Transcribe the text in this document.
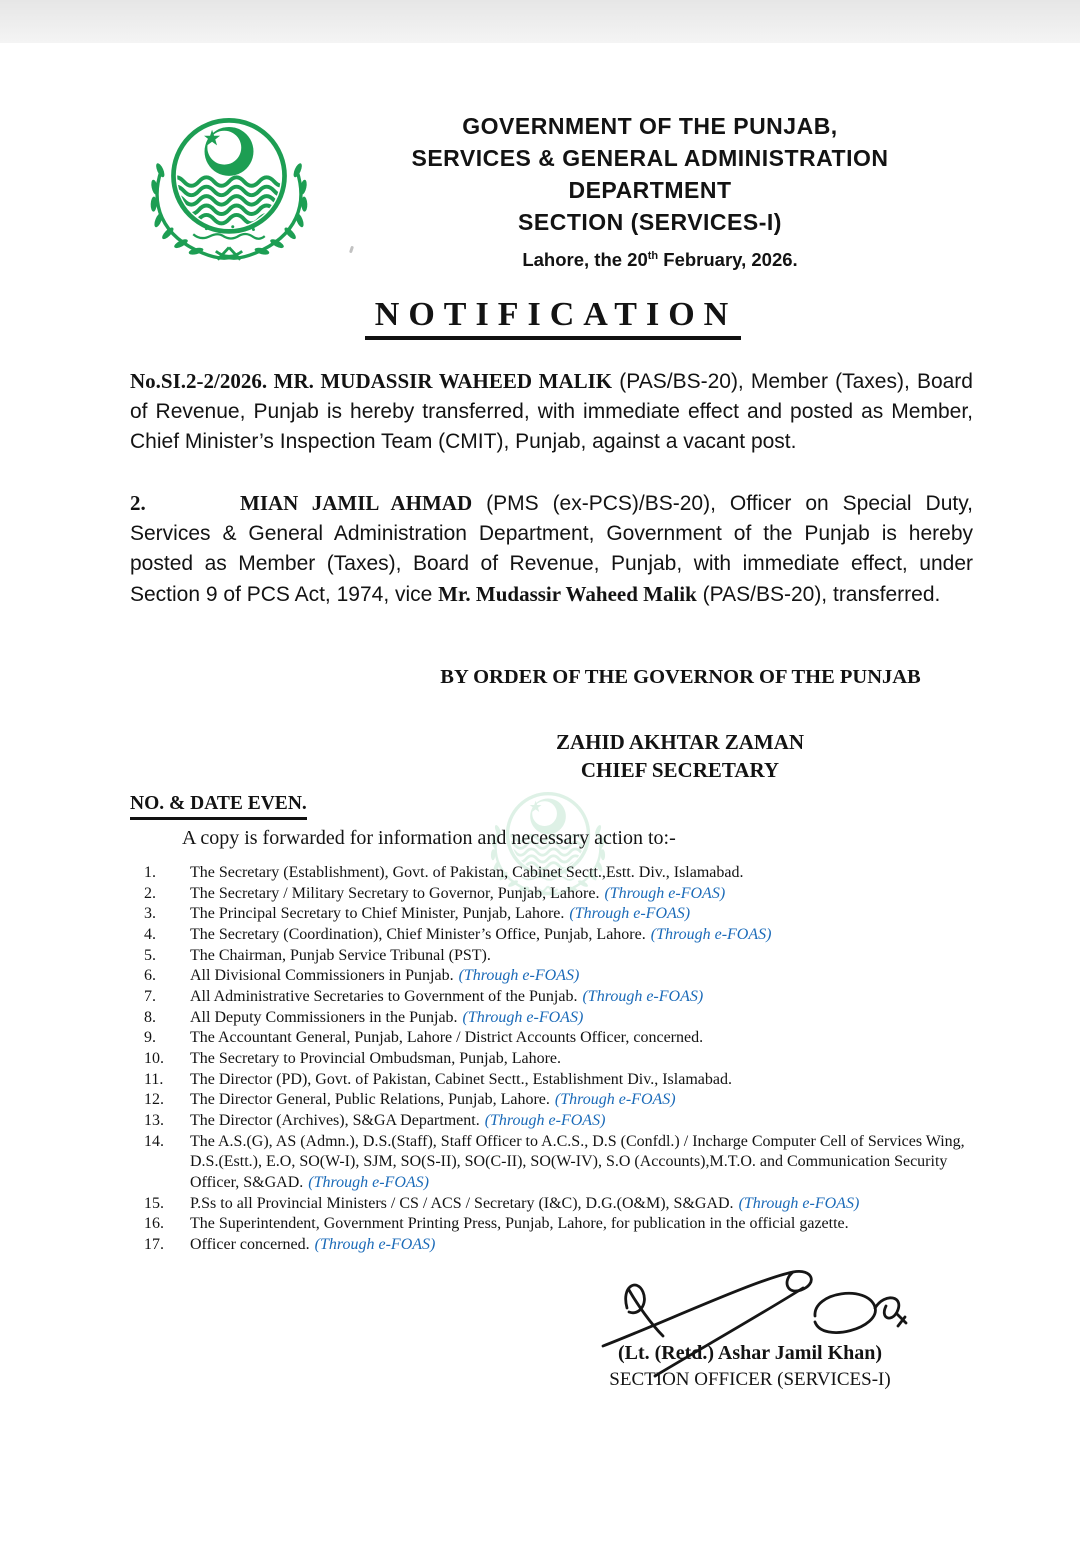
GOVERNMENT OF THE PUNJAB,
SERVICES & GENERAL ADMINISTRATION
DEPARTMENT
SECTION (SERVICES-I)
Lahore, the 20th February, 2026.
NOTIFICATION

No.SI.2-2/2026. MR. MUDASSIR WAHEED MALIK (PAS/BS-20), Member (Taxes), Board of Revenue, Punjab is hereby transferred, with immediate effect and posted as Member, Chief Minister’s Inspection Team (CMIT), Punjab, against a vacant post.

2.	MIAN JAMIL AHMAD (PMS (ex-PCS)/BS-20), Officer on Special Duty, Services & General Administration Department, Government of the Punjab is hereby posted as Member (Taxes), Board of Revenue, Punjab, with immediate effect, under Section 9 of PCS Act, 1974, vice Mr. Mudassir Waheed Malik (PAS/BS-20), transferred.

BY ORDER OF THE GOVERNOR OF THE PUNJAB

ZAHID AKHTAR ZAMAN
CHIEF SECRETARY
NO. & DATE EVEN.
A copy is forwarded for information and necessary action to:-
1.	The Secretary (Establishment), Govt. of Pakistan, Cabinet Sectt.,Estt. Div., Islamabad.
2.	The Secretary / Military Secretary to Governor, Punjab, Lahore. (Through e-FOAS)
3.	The Principal Secretary to Chief Minister, Punjab, Lahore. (Through e-FOAS)
4.	The Secretary (Coordination), Chief Minister’s Office, Punjab, Lahore. (Through e-FOAS)
5.	The Chairman, Punjab Service Tribunal (PST).
6.	All Divisional Commissioners in Punjab. (Through e-FOAS)
7.	All Administrative Secretaries to Government of the Punjab. (Through e-FOAS)
8.	All Deputy Commissioners in the Punjab. (Through e-FOAS)
9.	The Accountant General, Punjab, Lahore / District Accounts Officer, concerned.
10.	The Secretary to Provincial Ombudsman, Punjab, Lahore.
11.	The Director (PD), Govt. of Pakistan, Cabinet Sectt., Establishment Div., Islamabad.
12.	The Director General, Public Relations, Punjab, Lahore. (Through e-FOAS)
13.	The Director (Archives), S&GA Department. (Through e-FOAS)
14.	The A.S.(G), AS (Admn.), D.S.(Staff), Staff Officer to A.C.S., D.S (Confdl.) / Incharge Computer Cell of Services Wing, D.S.(Estt.), E.O, SO(W-I), SJM, SO(S-II), SO(C-II), SO(W-IV), S.O (Accounts),M.T.O. and Communication Security Officer, S&GAD. (Through e-FOAS)
15.	P.Ss to all Provincial Ministers / CS / ACS / Secretary (I&C), D.G.(O&M), S&GAD. (Through e-FOAS)
16.	The Superintendent, Government Printing Press, Punjab, Lahore, for publication in the official gazette.
17.	Officer concerned. (Through e-FOAS)
(Lt. (Retd.) Ashar Jamil Khan)
SECTION OFFICER (SERVICES-I)
